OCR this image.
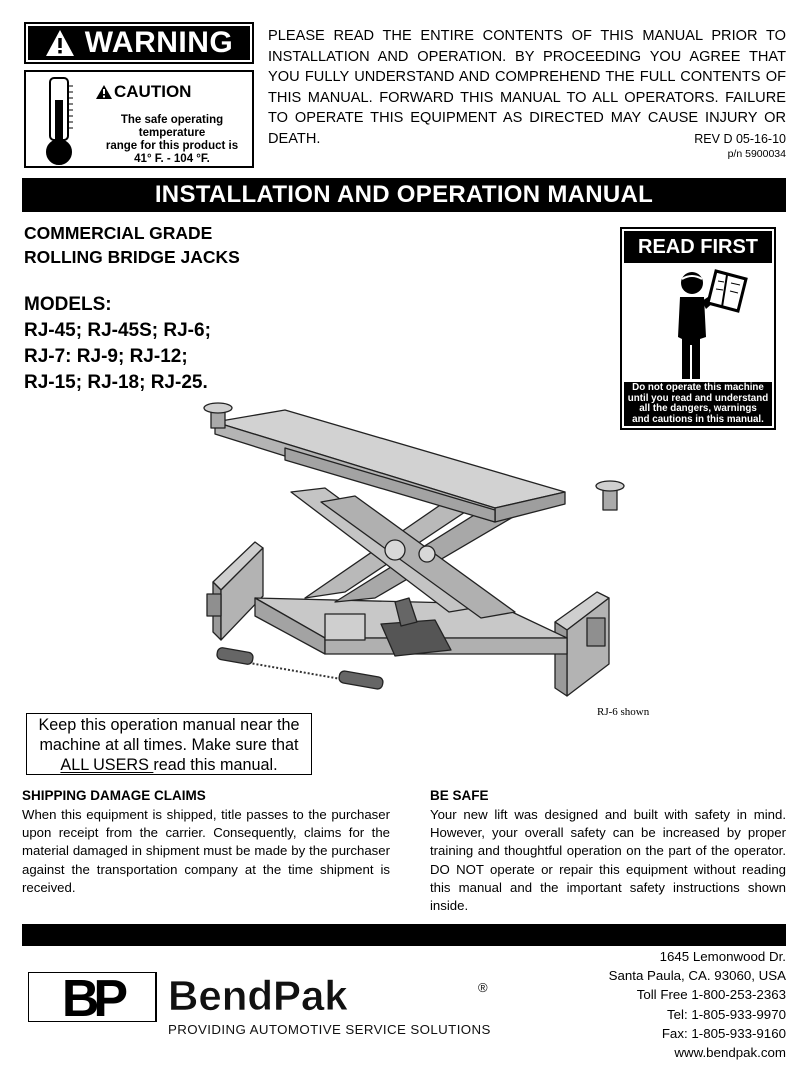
WARNING
CAUTION
The safe operating temperature
range for this product is
41° F. - 104 °F.
PLEASE READ THE ENTIRE CONTENTS OF THIS MANUAL PRIOR TO INSTALLATION AND OPERATION. BY PROCEEDING YOU AGREE THAT YOU FULLY UNDERSTAND AND COMPREHEND THE FULL CONTENTS OF THIS MANUAL. FORWARD THIS MANUAL TO ALL OPERATORS. FAILURE TO OPERATE THIS EQUIPMENT AS DIRECTED MAY CAUSE INJURY OR DEATH.	REV D 05-16-10
p/n 5900034
INSTALLATION AND OPERATION MANUAL
COMMERCIAL GRADE
ROLLING BRIDGE JACKS
MODELS:
RJ-45; RJ-45S; RJ-6;
RJ-7: RJ-9; RJ-12;
RJ-15; RJ-18; RJ-25.
READ FIRST
Do not operate this machine
until you read and understand
all the dangers, warnings
and cautions in this manual.
RJ-6 shown
Keep this operation manual near the
machine at all times. Make sure that
ALL USERS read this manual.
SHIPPING DAMAGE CLAIMS
When this equipment is shipped, title passes to the purchaser upon receipt from the carrier. Consequently, claims for the material damaged in shipment must be made by the purchaser against the transportation company at the time shipment is received.
BE SAFE
Your new lift was designed and built with safety in mind. However, your overall safety can be increased by proper training and thoughtful operation on the part of the operator. DO NOT operate or repair this equipment without reading this manual and the important safety instructions shown inside.
BP BendPak	®
PROVIDING AUTOMOTIVE SERVICE SOLUTIONS
1645 Lemonwood Dr.
Santa Paula, CA. 93060, USA
Toll Free 1-800-253-2363
Tel: 1-805-933-9970
Fax: 1-805-933-9160
www.bendpak.com
